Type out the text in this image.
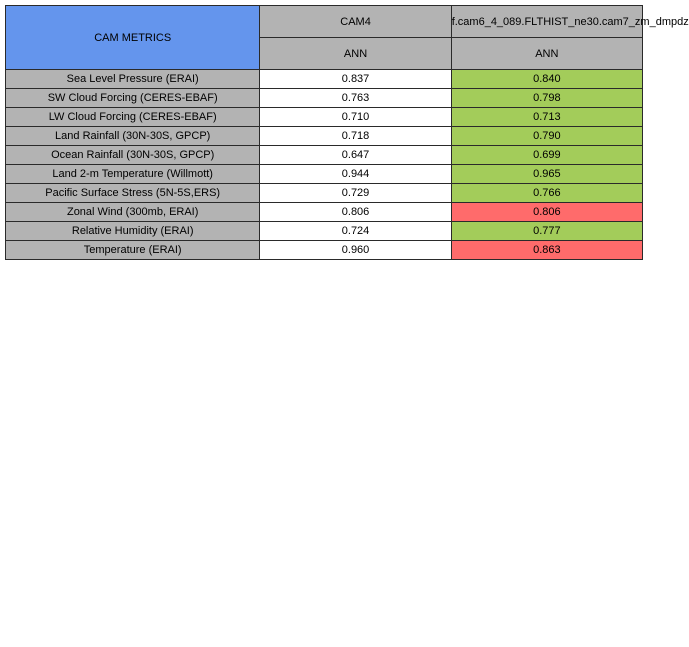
CAM METRICS	CAM4	f.cam6_4_089.FLTHIST_ne30.cam7_zm_dmpdz
	ANN	ANN
Sea Level Pressure (ERAI)	0.837	0.840
SW Cloud Forcing (CERES-EBAF)	0.763	0.798
LW Cloud Forcing (CERES-EBAF)	0.710	0.713
Land Rainfall (30N-30S, GPCP)	0.718	0.790
Ocean Rainfall (30N-30S, GPCP)	0.647	0.699
Land 2-m Temperature (Willmott)	0.944	0.965
Pacific Surface Stress (5N-5S,ERS)	0.729	0.766
Zonal Wind (300mb, ERAI)	0.806	0.806
Relative Humidity (ERAI)	0.724	0.777
Temperature (ERAI)	0.960	0.863
